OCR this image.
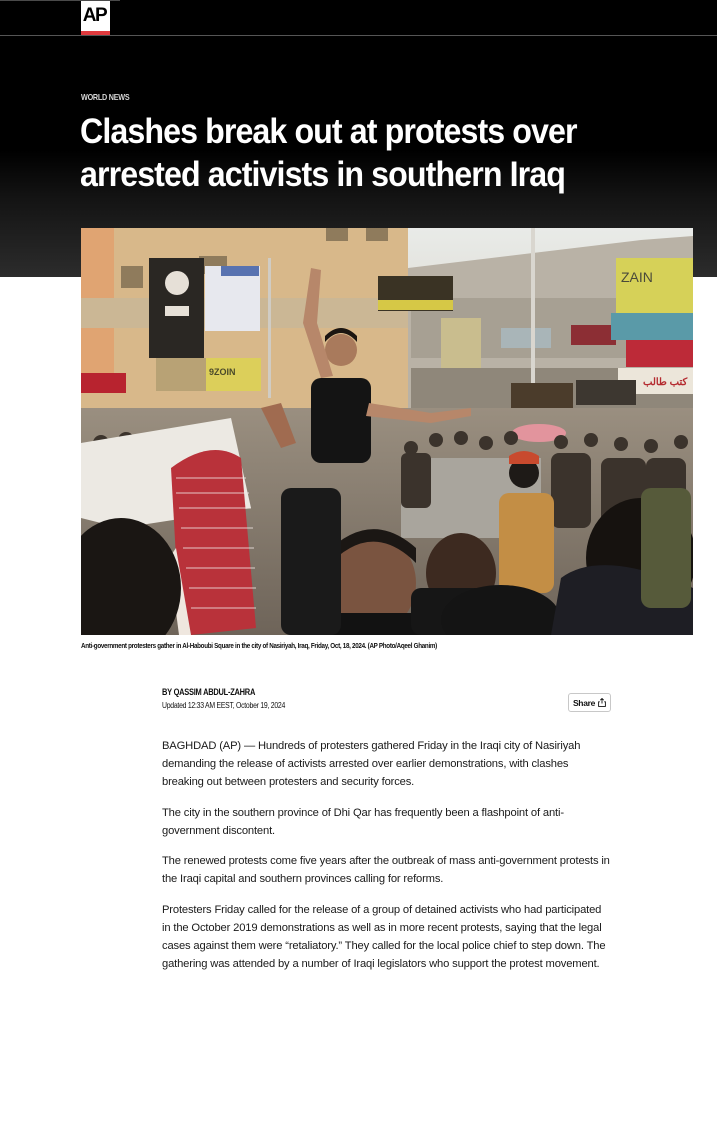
AP
WORLD NEWS
Clashes break out at protests over arrested activists in southern Iraq
9ZOIN
ZAIN
كتب طالب
Anti-government protesters gather in Al-Haboubi Square in the city of Nasiriyah, Iraq, Friday, Oct, 18, 2024. (AP Photo/Aqeel Ghanim)
BY QASSIM ABDUL-ZAHRA
Updated 12:33 AM EEST, October 19, 2024	Share

BAGHDAD (AP) — Hundreds of protesters gathered Friday in the Iraqi city of Nasiriyah demanding the release of activists arrested over earlier demonstrations, with clashes breaking out between protesters and security forces.

The city in the southern province of Dhi Qar has frequently been a flashpoint of anti-government discontent.

The renewed protests come five years after the outbreak of mass anti-government protests in the Iraqi capital and southern provinces calling for reforms.

Protesters Friday called for the release of a group of detained activists who had participated in the October 2019 demonstrations as well as in more recent protests, saying that the legal cases against them were “retaliatory.” They called for the local police chief to step down. The gathering was attended by a number of Iraqi legislators who support the protest movement.
